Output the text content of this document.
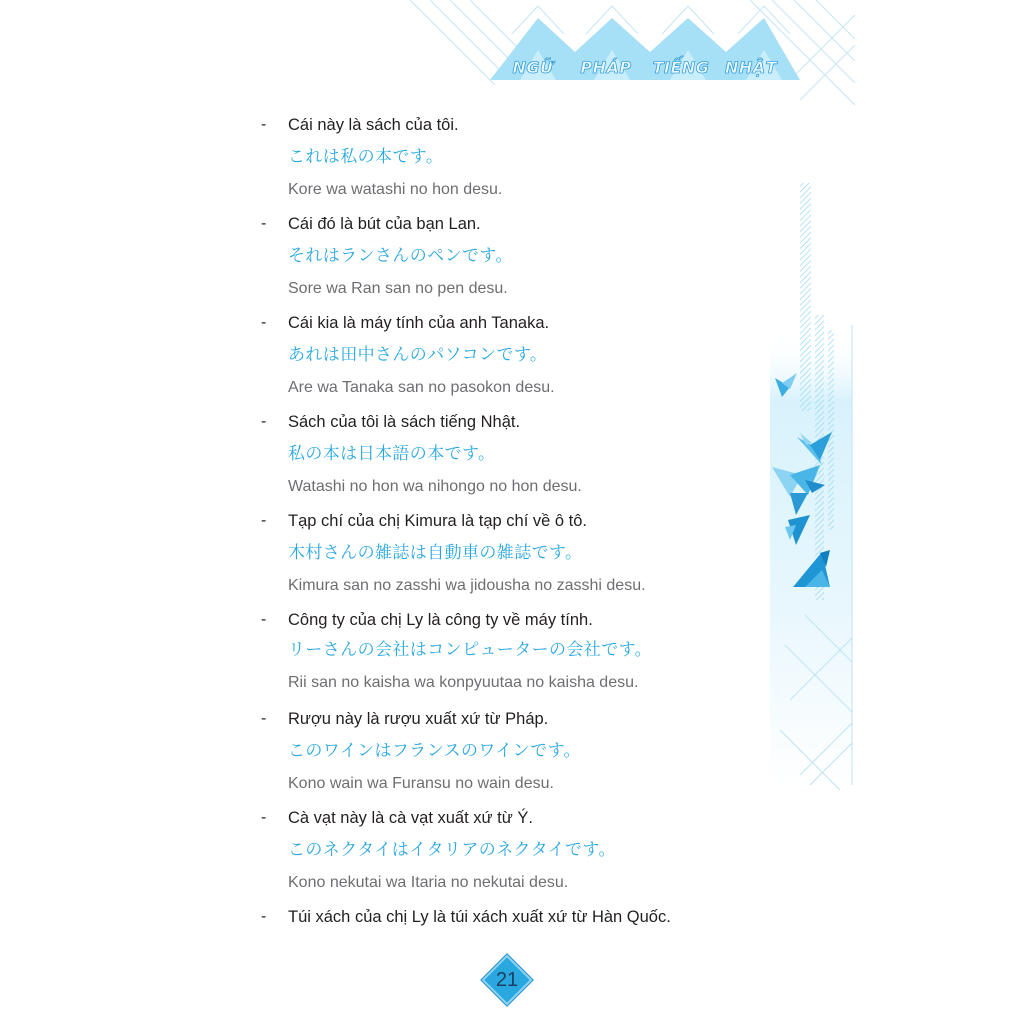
NGỮ PHÁP TIẾNG NHẬT
- Cái này là sách của tôi.
これは私の本です。
Kore wa watashi no hon desu.
- Cái đó là bút của bạn Lan.
それはランさんのペンです。
Sore wa Ran san no pen desu.
- Cái kia là máy tính của anh Tanaka.
あれは田中さんのパソコンです。
Are wa Tanaka san no pasokon desu.
- Sách của tôi là sách tiếng Nhật.
私の本は日本語の本です。
Watashi no hon wa nihongo no hon desu.
- Tạp chí của chị Kimura là tạp chí về ô tô.
木村さんの雑誌は自動車の雑誌です。
Kimura san no zasshi wa jidousha no zasshi desu.
- Công ty của chị Ly là công ty về máy tính.
リーさんの会社はコンピューターの会社です。
Rii san no kaisha wa konpyuutaa no kaisha desu.
- Rượu này là rượu xuất xứ từ Pháp.
このワインはフランスのワインです。
Kono wain wa Furansu no wain desu.
- Cà vạt này là cà vạt xuất xứ từ Ý.
このネクタイはイタリアのネクタイです。
Kono nekutai wa Itaria no nekutai desu.
- Túi xách của chị Ly là túi xách xuất xứ từ Hàn Quốc.
21
